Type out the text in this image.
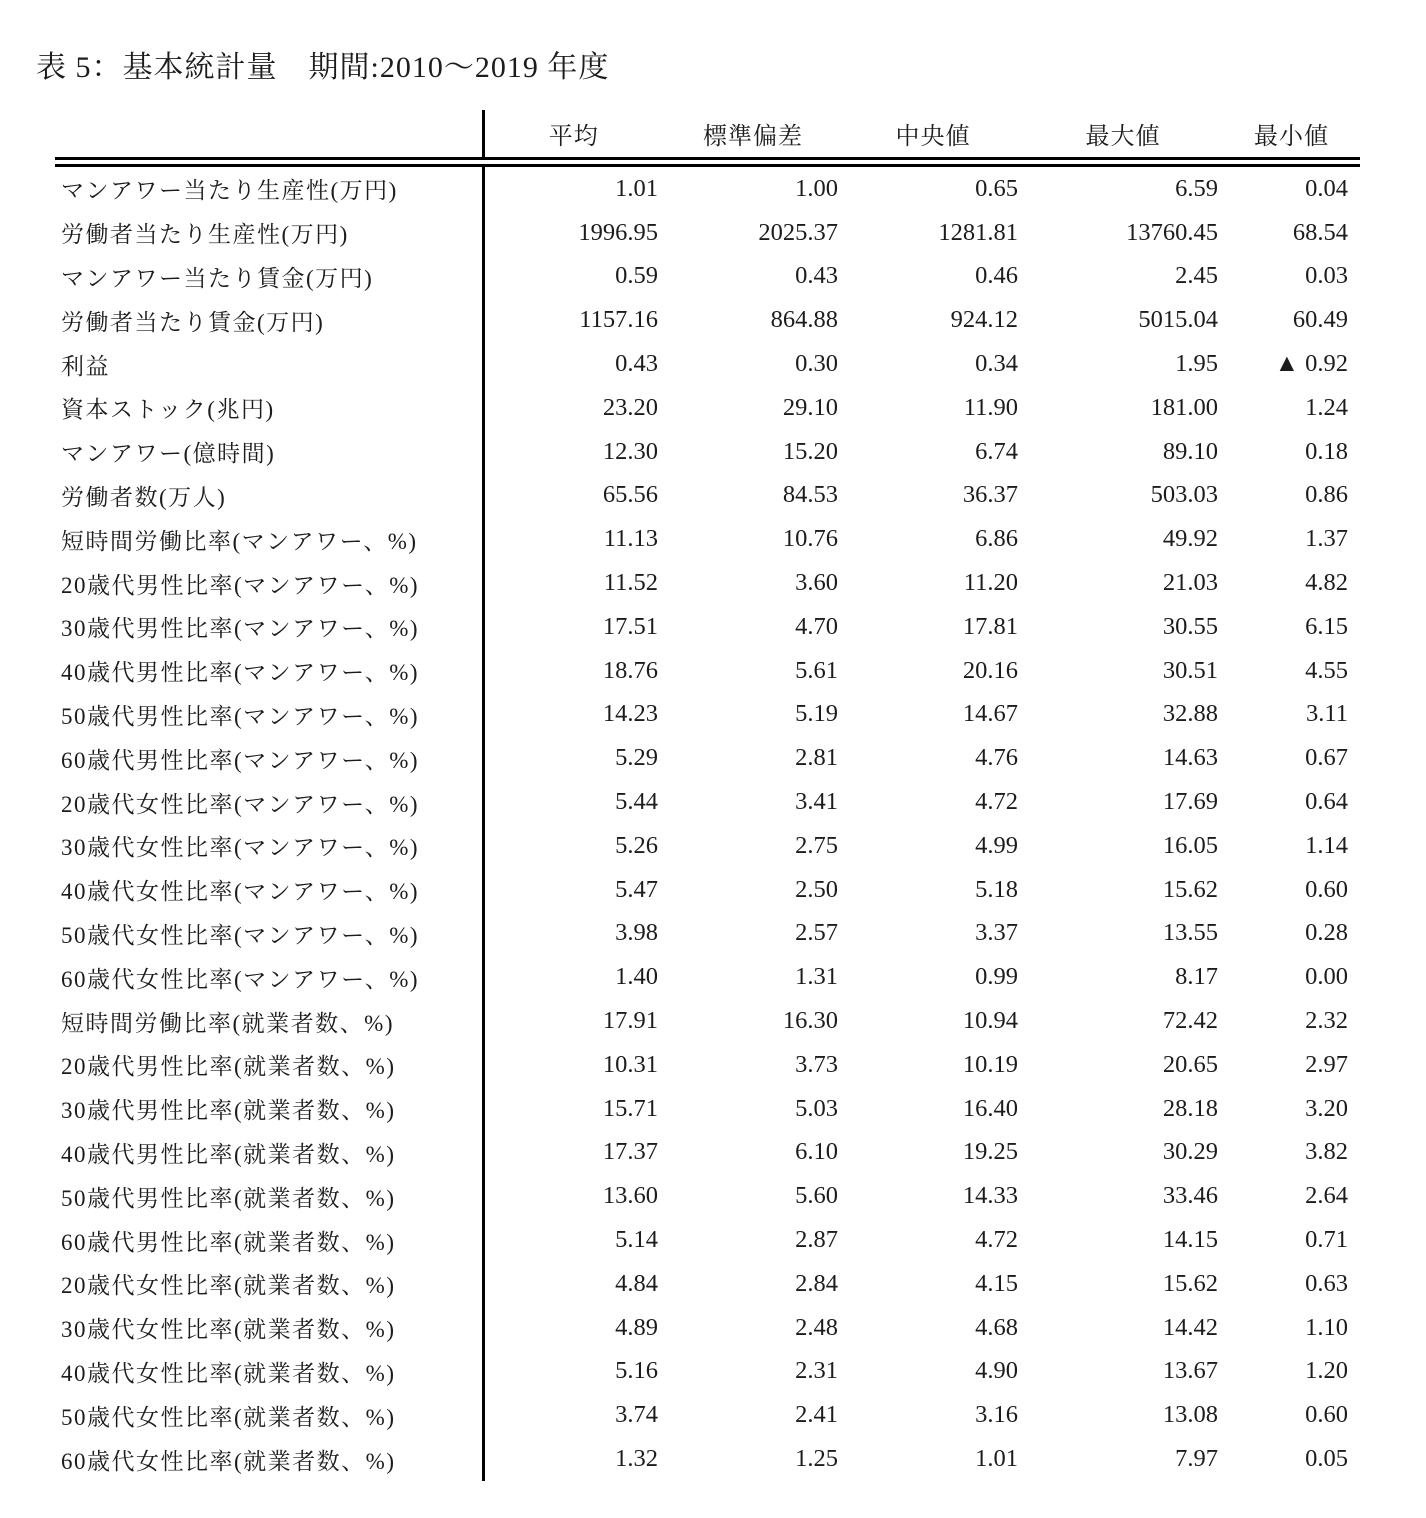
表 5：基本統計量　期間:2010～2019 年度
	平均	標準偏差	中央値	最大値	最小値
マンアワー当たり生産性(万円)	1.01	1.00	0.65	6.59	0.04
労働者当たり生産性(万円)	1996.95	2025.37	1281.81	13760.45	68.54
マンアワー当たり賃金(万円)	0.59	0.43	0.46	2.45	0.03
労働者当たり賃金(万円)	1157.16	864.88	924.12	5015.04	60.49
利益	0.43	0.30	0.34	1.95	▲ 0.92
資本ストック(兆円)	23.20	29.10	11.90	181.00	1.24
マンアワー(億時間)	12.30	15.20	6.74	89.10	0.18
労働者数(万人)	65.56	84.53	36.37	503.03	0.86
短時間労働比率(マンアワー、%)	11.13	10.76	6.86	49.92	1.37
20歳代男性比率(マンアワー、%)	11.52	3.60	11.20	21.03	4.82
30歳代男性比率(マンアワー、%)	17.51	4.70	17.81	30.55	6.15
40歳代男性比率(マンアワー、%)	18.76	5.61	20.16	30.51	4.55
50歳代男性比率(マンアワー、%)	14.23	5.19	14.67	32.88	3.11
60歳代男性比率(マンアワー、%)	5.29	2.81	4.76	14.63	0.67
20歳代女性比率(マンアワー、%)	5.44	3.41	4.72	17.69	0.64
30歳代女性比率(マンアワー、%)	5.26	2.75	4.99	16.05	1.14
40歳代女性比率(マンアワー、%)	5.47	2.50	5.18	15.62	0.60
50歳代女性比率(マンアワー、%)	3.98	2.57	3.37	13.55	0.28
60歳代女性比率(マンアワー、%)	1.40	1.31	0.99	8.17	0.00
短時間労働比率(就業者数、%)	17.91	16.30	10.94	72.42	2.32
20歳代男性比率(就業者数、%)	10.31	3.73	10.19	20.65	2.97
30歳代男性比率(就業者数、%)	15.71	5.03	16.40	28.18	3.20
40歳代男性比率(就業者数、%)	17.37	6.10	19.25	30.29	3.82
50歳代男性比率(就業者数、%)	13.60	5.60	14.33	33.46	2.64
60歳代男性比率(就業者数、%)	5.14	2.87	4.72	14.15	0.71
20歳代女性比率(就業者数、%)	4.84	2.84	4.15	15.62	0.63
30歳代女性比率(就業者数、%)	4.89	2.48	4.68	14.42	1.10
40歳代女性比率(就業者数、%)	5.16	2.31	4.90	13.67	1.20
50歳代女性比率(就業者数、%)	3.74	2.41	3.16	13.08	0.60
60歳代女性比率(就業者数、%)	1.32	1.25	1.01	7.97	0.05
